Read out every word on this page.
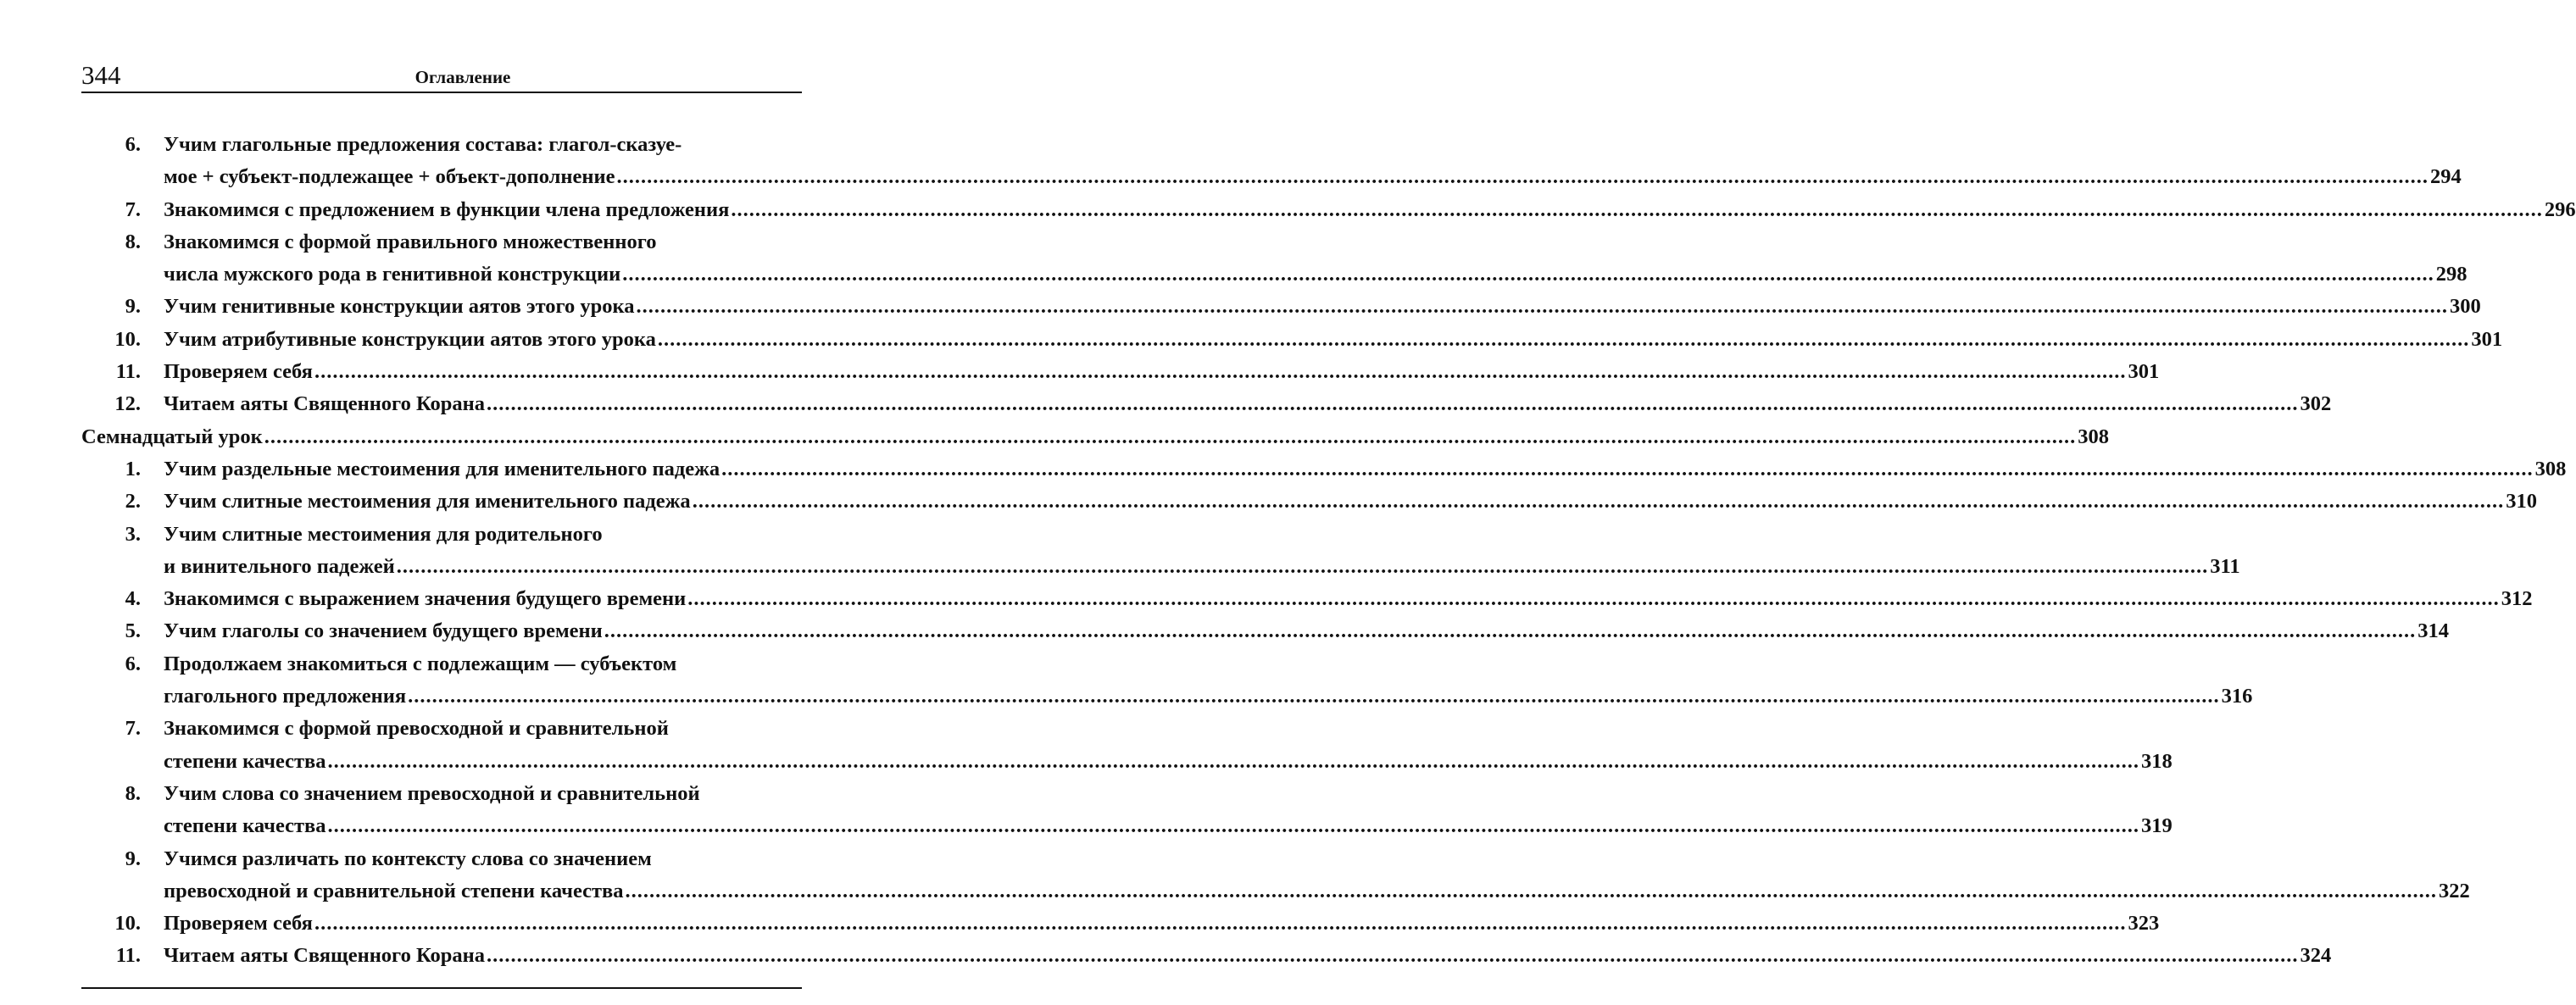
344	Оглавление
6. Учим глагольные предложения состава: глагол-сказуе-
мое + субъект-подлежащее + объект-дополнение ............................................................................................................................................................................................................................................................................................................ 294
7. Знакомимся с предложением в функции члена предложения ............................................................................................................................................................................................................................................................................................................ 296
8. Знакомимся с формой правильного множественного
числа мужского рода в генитивной конструкции ............................................................................................................................................................................................................................................................................................................ 298
9. Учим генитивные конструкции аятов этого урока ............................................................................................................................................................................................................................................................................................................ 300
10. Учим атрибутивные конструкции аятов этого урока ............................................................................................................................................................................................................................................................................................................ 301
11. Проверяем себя ............................................................................................................................................................................................................................................................................................................ 301
12. Читаем аяты Священного Корана ............................................................................................................................................................................................................................................................................................................ 302
Семнадцатый урок ............................................................................................................................................................................................................................................................................................................ 308
1. Учим раздельные местоимения для именительного падежа ............................................................................................................................................................................................................................................................................................................ 308
2. Учим слитные местоимения для именительного падежа ............................................................................................................................................................................................................................................................................................................ 310
3. Учим слитные местоимения для родительного
и винительного падежей ............................................................................................................................................................................................................................................................................................................ 311
4. Знакомимся с выражением значения будущего времени ............................................................................................................................................................................................................................................................................................................ 312
5. Учим глаголы со значением будущего времени ............................................................................................................................................................................................................................................................................................................ 314
6. Продолжаем знакомиться с подлежащим — субъектом
глагольного предложения ............................................................................................................................................................................................................................................................................................................ 316
7. Знакомимся с формой превосходной и сравнительной
степени качества ............................................................................................................................................................................................................................................................................................................ 318
8. Учим слова со значением превосходной и сравнительной
степени качества ............................................................................................................................................................................................................................................................................................................ 319
9. Учимся различать по контексту слова со значением
превосходной и сравнительной степени качества ............................................................................................................................................................................................................................................................................................................ 322
10. Проверяем себя ............................................................................................................................................................................................................................................................................................................ 323
11. Читаем аяты Священного Корана ............................................................................................................................................................................................................................................................................................................ 324
